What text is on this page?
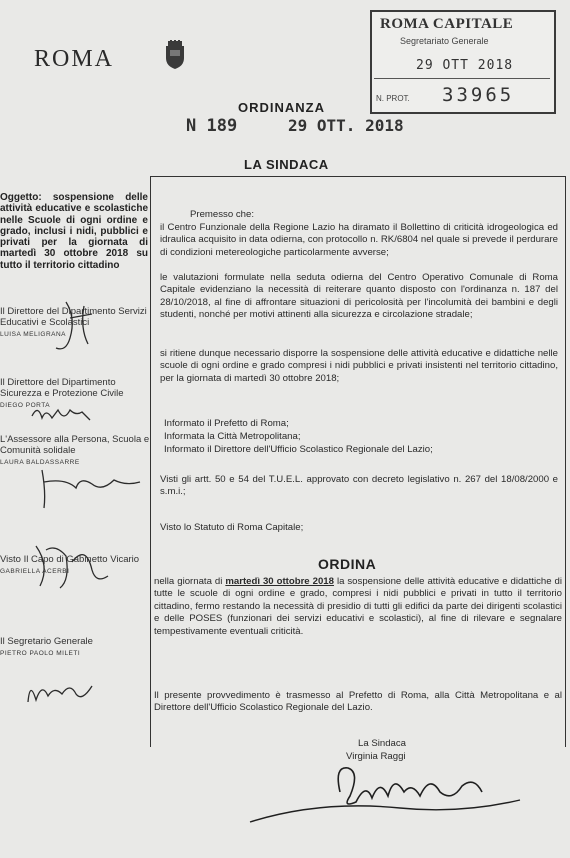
ROMA
ROMA CAPITALE
Segretariato Generale
29 OTT 2018
N. PROT. 33965
ORDINANZA
N 189	29 OTT. 2018
LA SINDACA
Oggetto: sospensione delle attività educative e scolastiche nelle Scuole di ogni ordine e grado, inclusi i nidi, pubblici e privati per la giornata di martedì 30 ottobre 2018 su tutto il territorio cittadino
Il Direttore del Dipartimento Servizi Educativi e Scolastici
LUISA MELIGRANA
Il Direttore del Dipartimento Sicurezza e Protezione Civile
DIEGO PORTA
L'Assessore alla Persona, Scuola e Comunità solidale
LAURA BALDASSARRE
Visto Il Capo di Gabinetto Vicario
GABRIELLA ACERBI
Il Segretario Generale
PIETRO PAOLO MILETI
Premesso che:
il Centro Funzionale della Regione Lazio ha diramato il Bollettino di criticità idrogeologica ed idraulica acquisito in data odierna, con protocollo n. RK/6804 nel quale si prevede il perdurare di condizioni metereologiche particolarmente avverse;
le valutazioni formulate nella seduta odierna del Centro Operativo Comunale di Roma Capitale evidenziano la necessità di reiterare quanto disposto con l'ordinanza n. 187 del 28/10/2018, al fine di affrontare situazioni di pericolosità per l'incolumità dei bambini e degli studenti, nonché per motivi attinenti alla sicurezza e circolazione stradale;
si ritiene dunque necessario disporre la sospensione delle attività educative e didattiche nelle scuole di ogni ordine e grado compresi i nidi pubblici e privati insistenti nel territorio cittadino, per la giornata di martedì 30 ottobre 2018;
Informato il Prefetto di Roma;
Informata la Città Metropolitana;
Informato il Direttore dell'Ufficio Scolastico Regionale del Lazio;
Visti gli artt. 50 e 54 del T.U.E.L. approvato con decreto legislativo n. 267 del 18/08/2000 e s.m.i.;
Visto lo Statuto di Roma Capitale;
ORDINA
nella giornata di martedì 30 ottobre 2018 la sospensione delle attività educative e didattiche di tutte le scuole di ogni ordine e grado, compresi i nidi pubblici e privati in tutto il territorio cittadino, fermo restando la necessità di presidio di tutti gli edifici da parte dei dirigenti scolastici e delle POSES (funzionari dei servizi educativi e scolastici), al fine di rilevare e segnalare tempestivamente eventuali criticità.
Il presente provvedimento è trasmesso al Prefetto di Roma, alla Città Metropolitana e al Direttore dell'Ufficio Scolastico Regionale del Lazio.
La Sindaca
Virginia Raggi
